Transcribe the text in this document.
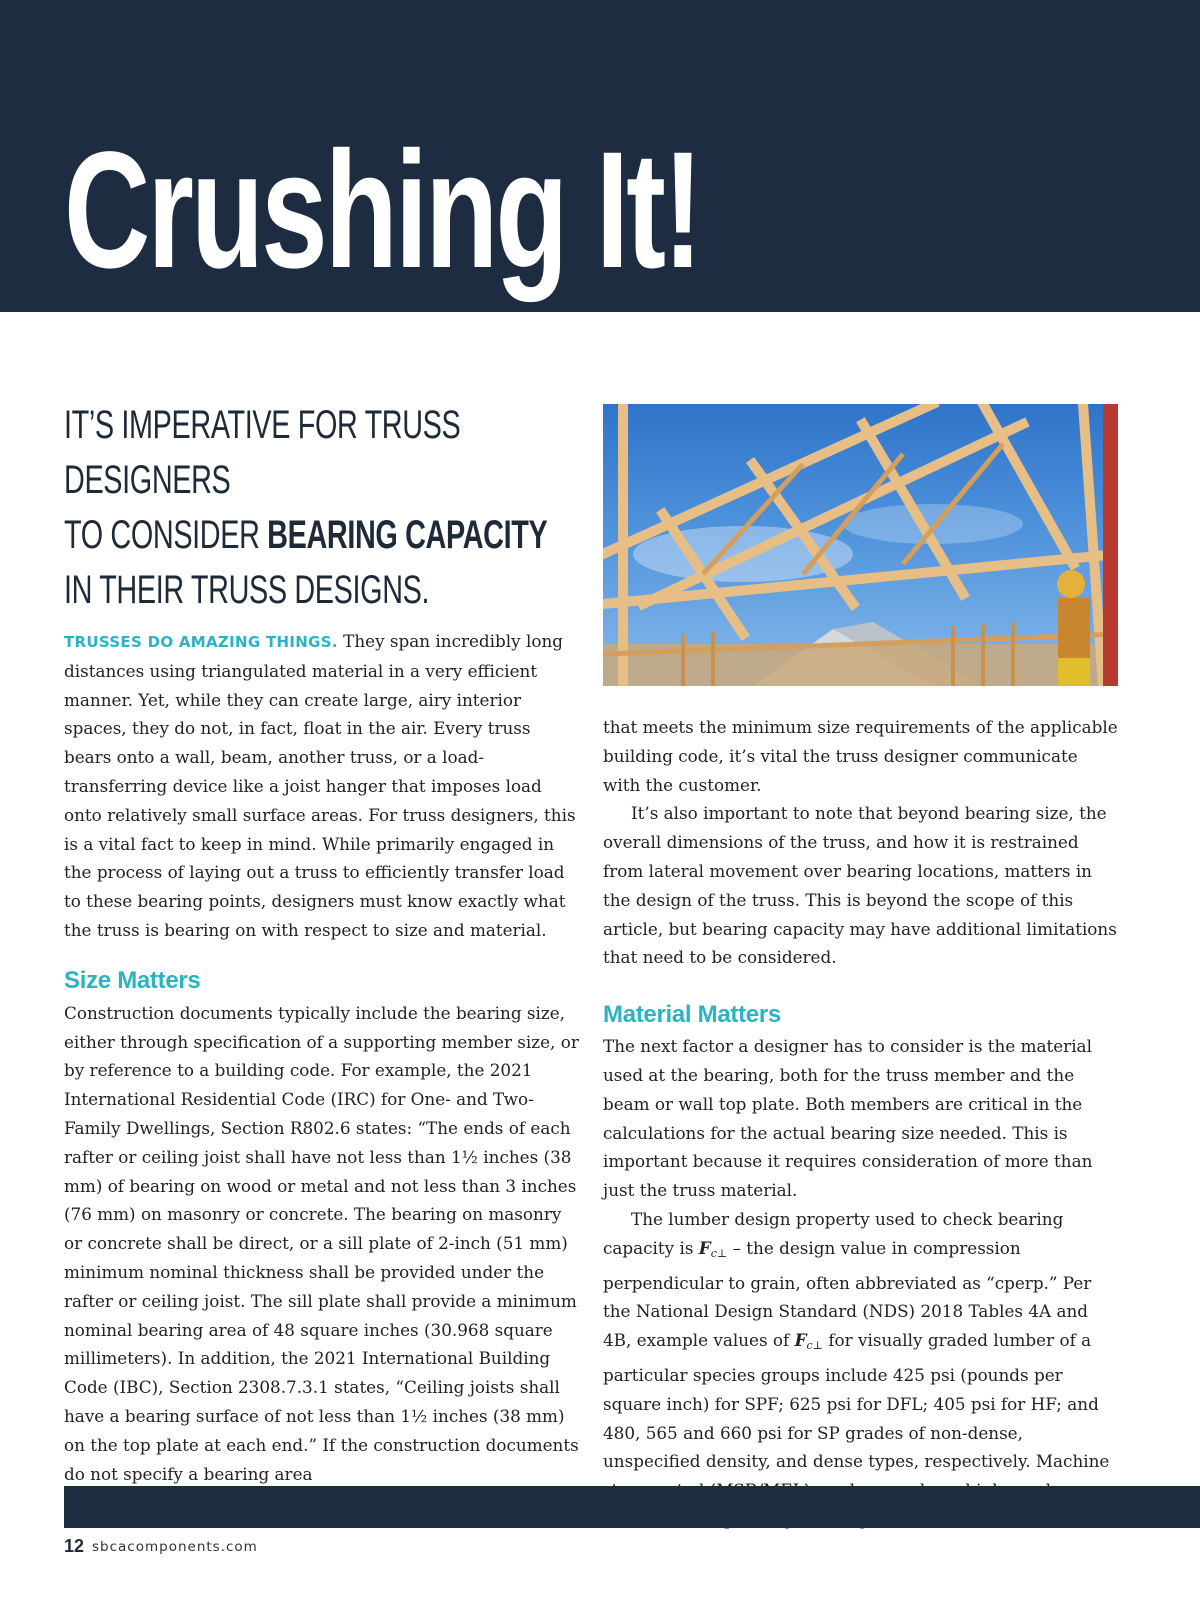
Crushing It!
IT’S IMPERATIVE FOR TRUSS DESIGNERS
TO CONSIDER BEARING CAPACITY
IN THEIR TRUSS DESIGNS.

TRUSSES DO AMAZING THINGS. They span incredibly long distances using triangulated material in a very efficient manner. Yet, while they can create large, airy interior spaces, they do not, in fact, float in the air. Every truss bears onto a wall, beam, another truss, or a load-transferring device like a joist hanger that imposes load onto relatively small surface areas. For truss designers, this is a vital fact to keep in mind. While primarily engaged in the process of laying out a truss to efficiently transfer load to these bearing points, designers must know exactly what the truss is bearing on with respect to size and material.

Size Matters

Construction documents typically include the bearing size, either through specification of a supporting member size, or by reference to a building code. For example, the 2021 International Residential Code (IRC) for One- and Two-Family Dwellings, Section R802.6 states: “The ends of each rafter or ceiling joist shall have not less than 1½ inches (38 mm) of bearing on wood or metal and not less than 3 inches (76 mm) on masonry or concrete. The bearing on masonry or concrete shall be direct, or a sill plate of 2-inch (51 mm) minimum nominal thickness shall be provided under the rafter or ceiling joist. The sill plate shall provide a minimum nominal bearing area of 48 square inches (30.968 square millimeters). In addition, the 2021 International Building Code (IBC), Section 2308.7.3.1 states, “Ceiling joists shall have a bearing surface of not less than 1½ inches (38 mm) on the top plate at each end.” If the construction documents do not specify a bearing area

that meets the minimum size requirements of the applicable building code, it’s vital the truss designer communicate with the customer.

It’s also important to note that beyond bearing size, the overall dimensions of the truss, and how it is restrained from lateral movement over bearing locations, matters in the design of the truss. This is beyond the scope of this article, but bearing capacity may have additional limitations that need to be considered.

Material Matters

The next factor a designer has to consider is the material used at the bearing, both for the truss member and the beam or wall top plate. Both members are critical in the calculations for the actual bearing size needed. This is important because it requires consideration of more than just the truss material.

The lumber design property used to check bearing capacity is $F_{c\perp}$ – the design value in compression perpendicular to grain, often abbreviated as “cperp.” Per the National Design Standard (NDS) 2018 Tables 4A and 4B, example values of $F_{c\perp}$ for visually graded lumber of a particular species groups include 425 psi (pounds per square inch) for SPF; 625 psi for DFL; 405 psi for HF; and 480, 565 and 660 psi for SP grades of non-dense, unspecified density, and dense types, respectively. Machine

12 sbcacomponents.com
